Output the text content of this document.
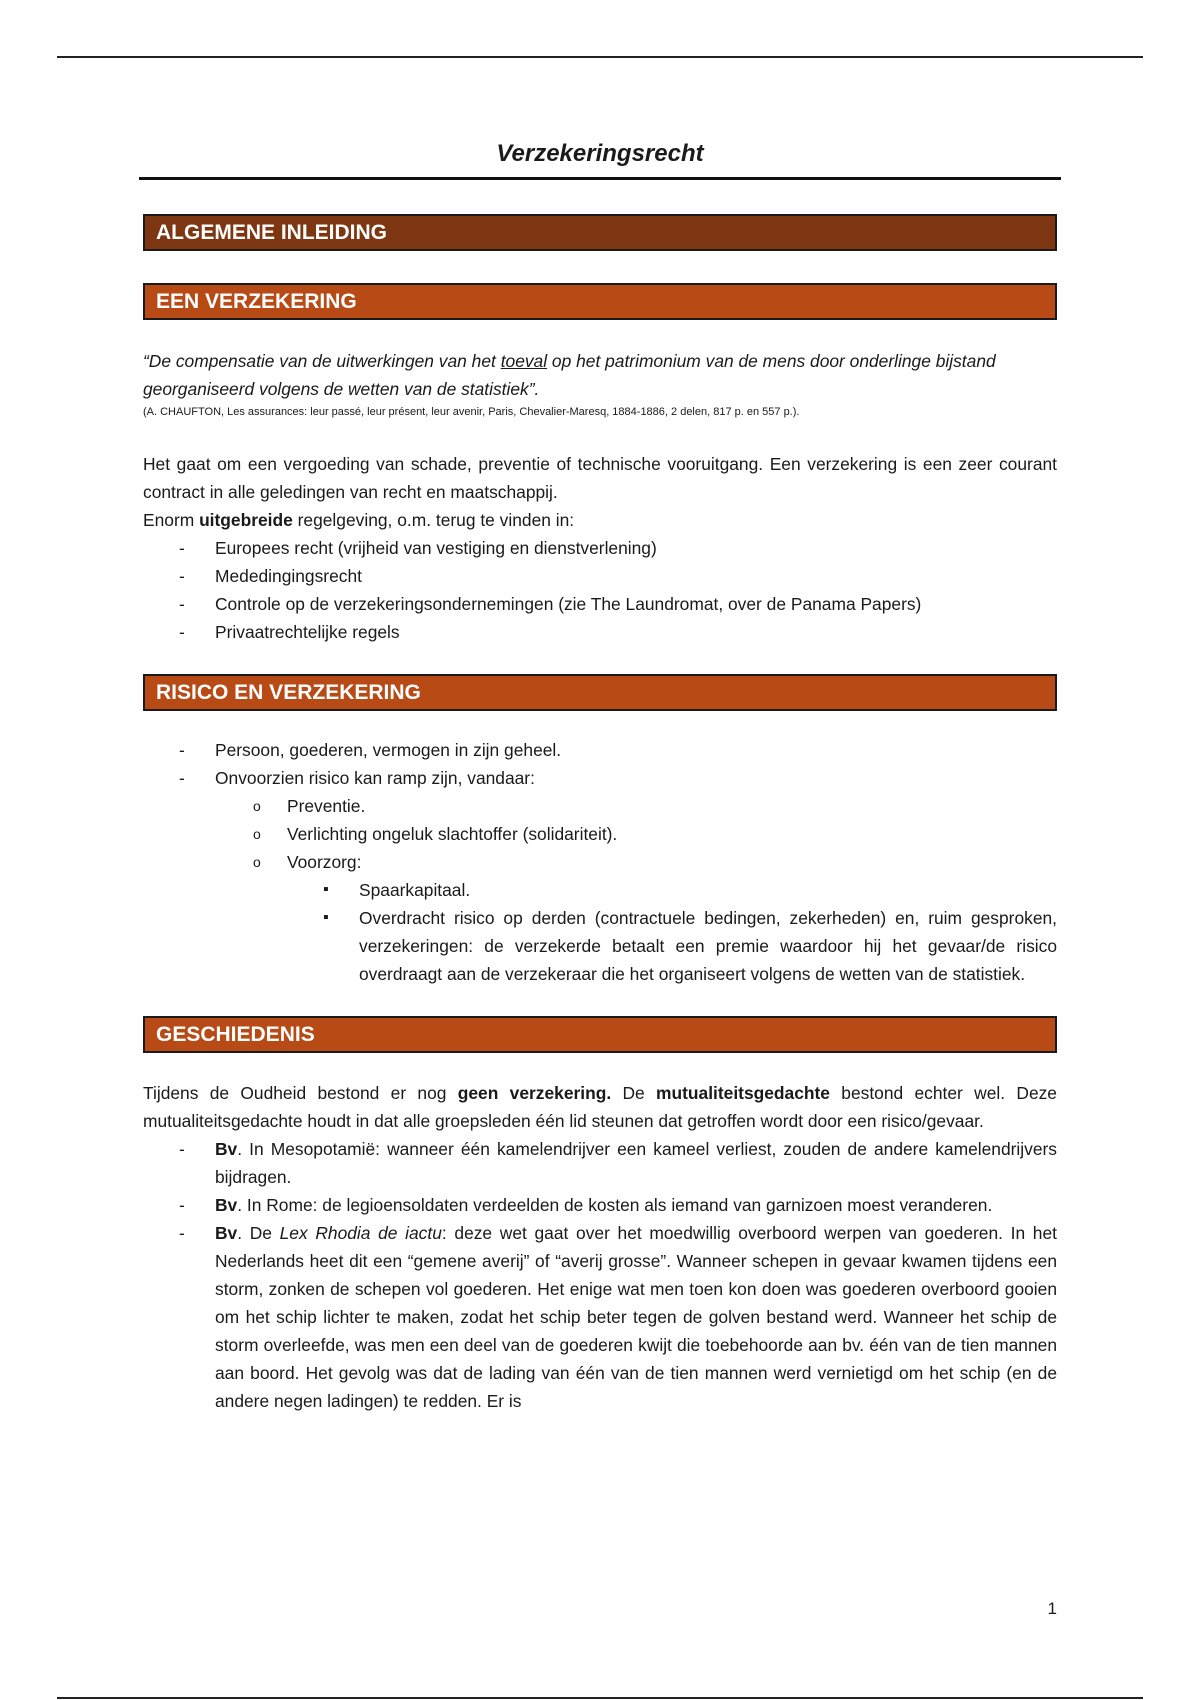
Verzekeringsrecht
ALGEMENE INLEIDING
EEN VERZEKERING
“De compensatie van de uitwerkingen van het toeval op het patrimonium van de mens door onderlinge bijstand georganiseerd volgens de wetten van de statistiek”.
(A. CHAUFTON, Les assurances: leur passé, leur présent, leur avenir, Paris, Chevalier-Maresq, 1884-1886, 2 delen, 817 p. en 557 p.).

Het gaat om een vergoeding van schade, preventie of technische vooruitgang. Een verzekering is een zeer courant contract in alle geledingen van recht en maatschappij.

Enorm uitgebreide regelgeving, o.m. terug te vinden in:

- Europees recht (vrijheid van vestiging en dienstverlening)
- Mededingingsrecht
- Controle op de verzekeringsondernemingen (zie The Laundromat, over de Panama Papers)
- Privaatrechtelijke regels
RISICO EN VERZEKERING
- Persoon, goederen, vermogen in zijn geheel.
- Onvoorzien risico kan ramp zijn, vandaar:
o Preventie.
o Verlichting ongeluk slachtoffer (solidariteit).
o Voorzorg:
▪ Spaarkapitaal.
▪ Overdracht risico op derden (contractuele bedingen, zekerheden) en, ruim gesproken, verzekeringen: de verzekerde betaalt een premie waardoor hij het gevaar/de risico overdraagt aan de verzekeraar die het organiseert volgens de wetten van de statistiek.
GESCHIEDENIS

Tijdens de Oudheid bestond er nog geen verzekering. De mutualiteitsgedachte bestond echter wel. Deze mutualiteitsgedachte houdt in dat alle groepsleden één lid steunen dat getroffen wordt door een risico/gevaar.

- Bv. In Mesopotamië: wanneer één kamelendrijver een kameel verliest, zouden de andere kamelendrijvers bijdragen.
- Bv. In Rome: de legioensoldaten verdeelden de kosten als iemand van garnizoen moest veranderen.
- Bv. De Lex Rhodia de iactu: deze wet gaat over het moedwillig overboord werpen van goederen. In het Nederlands heet dit een “gemene averij” of “averij grosse”. Wanneer schepen in gevaar kwamen tijdens een storm, zonken de schepen vol goederen. Het enige wat men toen kon doen was goederen overboord gooien om het schip lichter te maken, zodat het schip beter tegen de golven bestand werd. Wanneer het schip de storm overleefde, was men een deel van de goederen kwijt die toebehoorde aan bv. één van de tien mannen aan boord. Het gevolg was dat de lading van één van de tien mannen werd vernietigd om het schip (en de andere negen ladingen) te redden. Er is
1
